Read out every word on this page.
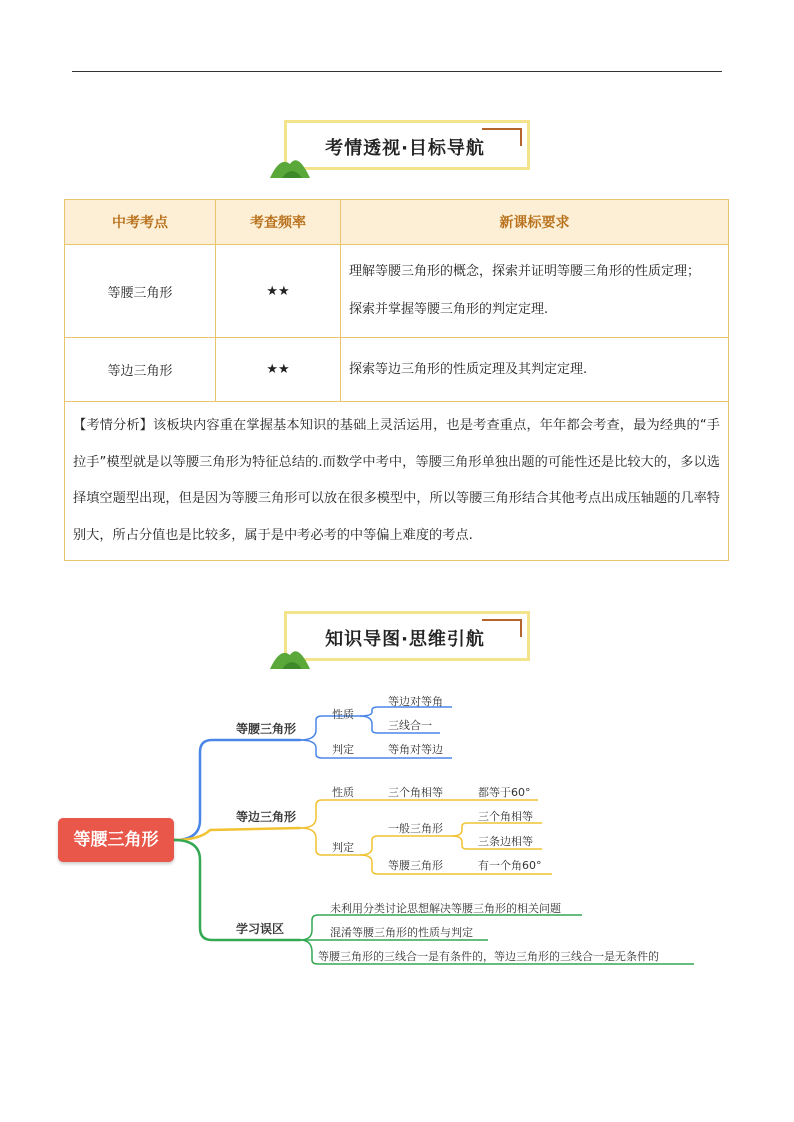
考情透视·目标导航
中考考点	考查频率	新课标要求
等腰三角形	★★	理解等腰三角形的概念，探索并证明等腰三角形的性质定理；
探索并掌握等腰三角形的判定定理.

等边三角形	★★	探索等边三角形的性质定理及其判定定理.

【考情分析】该板块内容重在掌握基本知识的基础上灵活运用，也是考查重点，年年都会考查，最为经典的“手拉手”模型就是以等腰三角形为特征总结的.而数学中考中，等腰三角形单独出题的可能性还是比较大的，多以选择填空题型出现，但是因为等腰三角形可以放在很多模型中，所以等腰三角形结合其他考点出成压轴题的几率特别大，所占分值也是比较多，属于是中考必考的中等偏上难度的考点.		
知识导图·思维引航
等腰三角形
等腰三角形
性质
判定
等边对等角
三线合一
等角对等边
等边三角形
性质
判定
三个角相等	都等于60°
一般三角形
三个角相等
三条边相等
等腰三角形	有一个角60°
学习误区
未利用分类讨论思想解决等腰三角形的相关问题
混淆等腰三角形的性质与判定
等腰三角形的三线合一是有条件的，等边三角形的三线合一是无条件的
